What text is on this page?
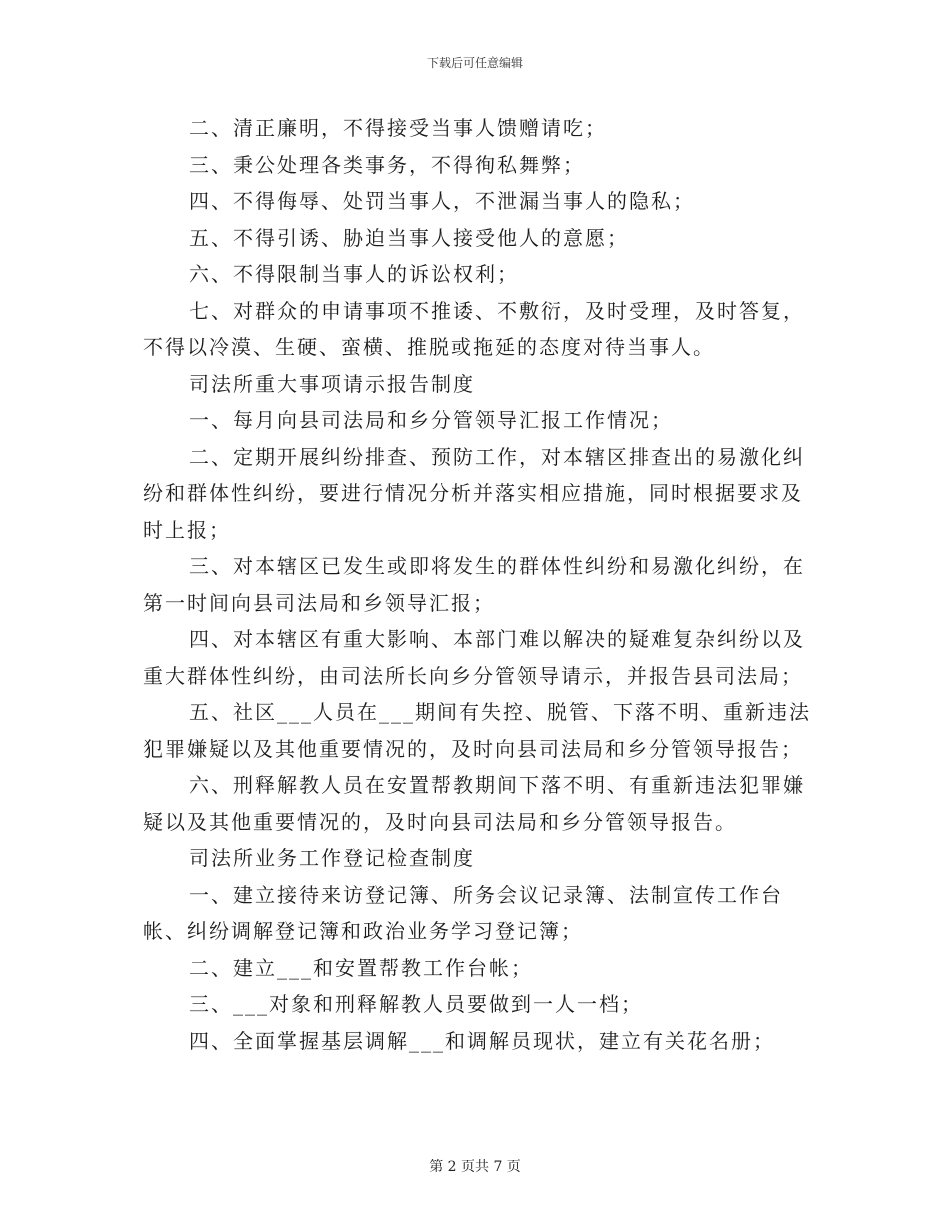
下载后可任意编辑

二、清正廉明，不得接受当事人馈赠请吃；

三、秉公处理各类事务，不得徇私舞弊；

四、不得侮辱、处罚当事人，不泄漏当事人的隐私；

五、不得引诱、胁迫当事人接受他人的意愿；

六、不得限制当事人的诉讼权利；

七、对群众的申请事项不推诿、不敷衍，及时受理，及时答复，不得以冷漠、生硬、蛮横、推脱或拖延的态度对待当事人。

司法所重大事项请示报告制度

一、每月向县司法局和乡分管领导汇报工作情况；

二、定期开展纠纷排查、预防工作，对本辖区排查出的易激化纠纷和群体性纠纷，要进行情况分析并落实相应措施，同时根据要求及时上报；

三、对本辖区已发生或即将发生的群体性纠纷和易激化纠纷，在第一时间向县司法局和乡领导汇报；

四、对本辖区有重大影响、本部门难以解决的疑难复杂纠纷以及重大群体性纠纷，由司法所长向乡分管领导请示，并报告县司法局；

五、社区___人员在___期间有失控、脱管、下落不明、重新违法犯罪嫌疑以及其他重要情况的，及时向县司法局和乡分管领导报告；

六、刑释解教人员在安置帮教期间下落不明、有重新违法犯罪嫌疑以及其他重要情况的，及时向县司法局和乡分管领导报告。

司法所业务工作登记检查制度

一、建立接待来访登记簿、所务会议记录簿、法制宣传工作台帐、纠纷调解登记簿和政治业务学习登记簿；

二、建立___和安置帮教工作台帐；

三、___对象和刑释解教人员要做到一人一档；

四、全面掌握基层调解___和调解员现状，建立有关花名册；

第 2 页共 7 页
